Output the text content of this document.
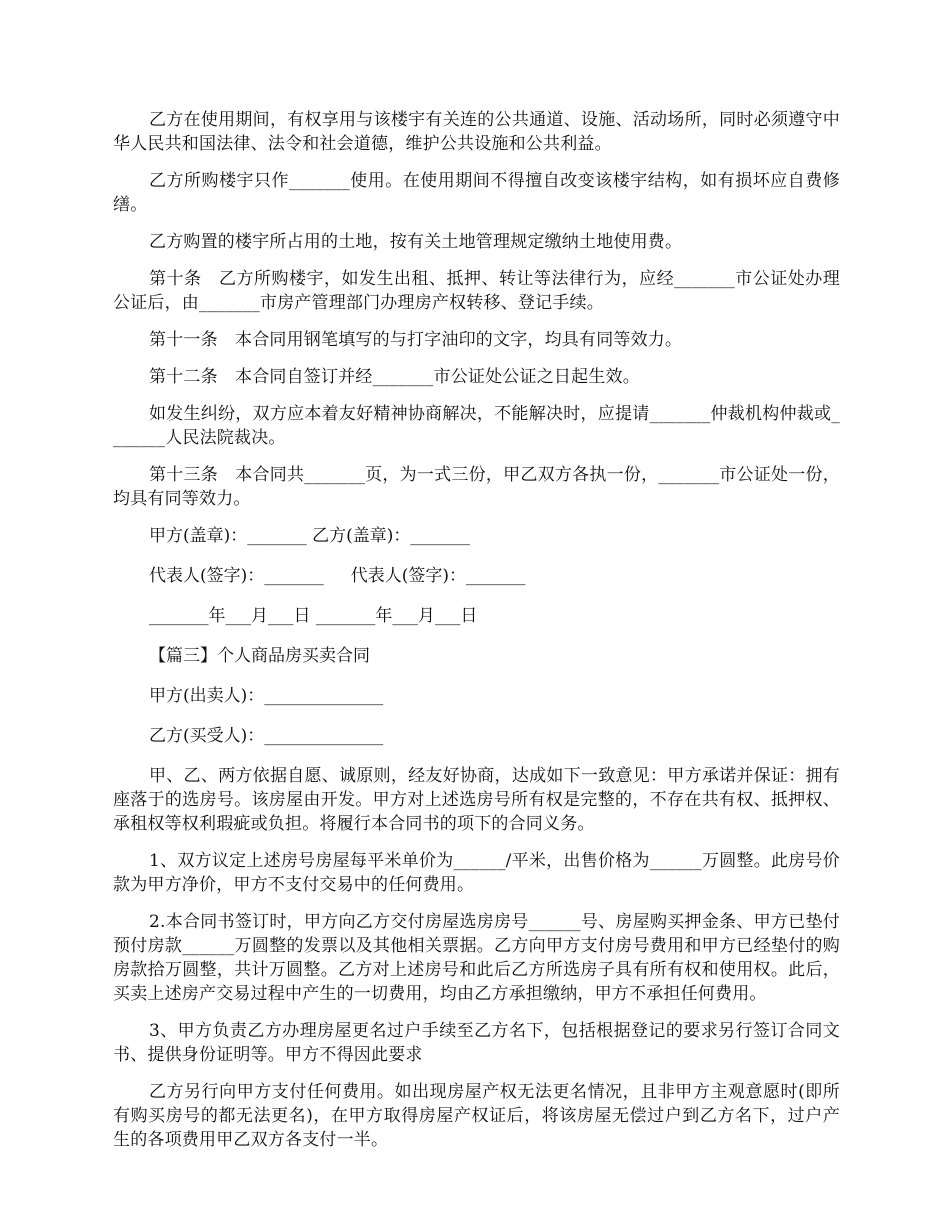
乙方在使用期间，有权享用与该楼宇有关连的公共通道、设施、活动场所，同时必须遵守中华人民共和国法律、法令和社会道德，维护公共设施和公共利益。

乙方所购楼宇只作_______使用。在使用期间不得擅自改变该楼宇结构，如有损坏应自费修缮。

乙方购置的楼宇所占用的土地，按有关土地管理规定缴纳土地使用费。

第十条　乙方所购楼宇，如发生出租、抵押、转让等法律行为，应经_______市公证处办理公证后，由_______市房产管理部门办理房产权转移、登记手续。

第十一条　本合同用钢笔填写的与打字油印的文字，均具有同等效力。

第十二条　本合同自签订并经_______市公证处公证之日起生效。

如发生纠纷，双方应本着友好精神协商解决，不能解决时，应提请_______仲裁机构仲裁或_______人民法院裁决。

第十三条　本合同共_______页，为一式三份，甲乙双方各执一份，_______市公证处一份，均具有同等效力。

甲方(盖章)：_______ 乙方(盖章)：_______
代表人(签字)：_______     代表人(签字)：_______
_______年___月___日 _______年___月___日
【篇三】个人商品房买卖合同
甲方(出卖人)：______________
乙方(买受人)：______________

甲、乙、两方依据自愿、诚原则，经友好协商，达成如下一致意见：甲方承诺并保证：拥有座落于的选房号。该房屋由开发。甲方对上述选房号所有权是完整的，不存在共有权、抵押权、承租权等权利瑕疵或负担。将履行本合同书的项下的合同义务。

1、双方议定上述房号房屋每平米单价为______/平米，出售价格为______万圆整。此房号价款为甲方净价，甲方不支付交易中的任何费用。

2.本合同书签订时，甲方向乙方交付房屋选房房号______号、房屋购买押金条、甲方已垫付预付房款______万圆整的发票以及其他相关票据。乙方向甲方支付房号费用和甲方已经垫付的购房款拾万圆整，共计万圆整。乙方对上述房号和此后乙方所选房子具有所有权和使用权。此后，买卖上述房产交易过程中产生的一切费用，均由乙方承担缴纳，甲方不承担任何费用。

3、甲方负责乙方办理房屋更名过户手续至乙方名下，包括根据登记的要求另行签订合同文书、提供身份证明等。甲方不得因此要求

乙方另行向甲方支付任何费用。如出现房屋产权无法更名情况，且非甲方主观意愿时(即所有购买房号的都无法更名)，在甲方取得房屋产权证后，将该房屋无偿过户到乙方名下，过户产生的各项费用甲乙双方各支付一半。
